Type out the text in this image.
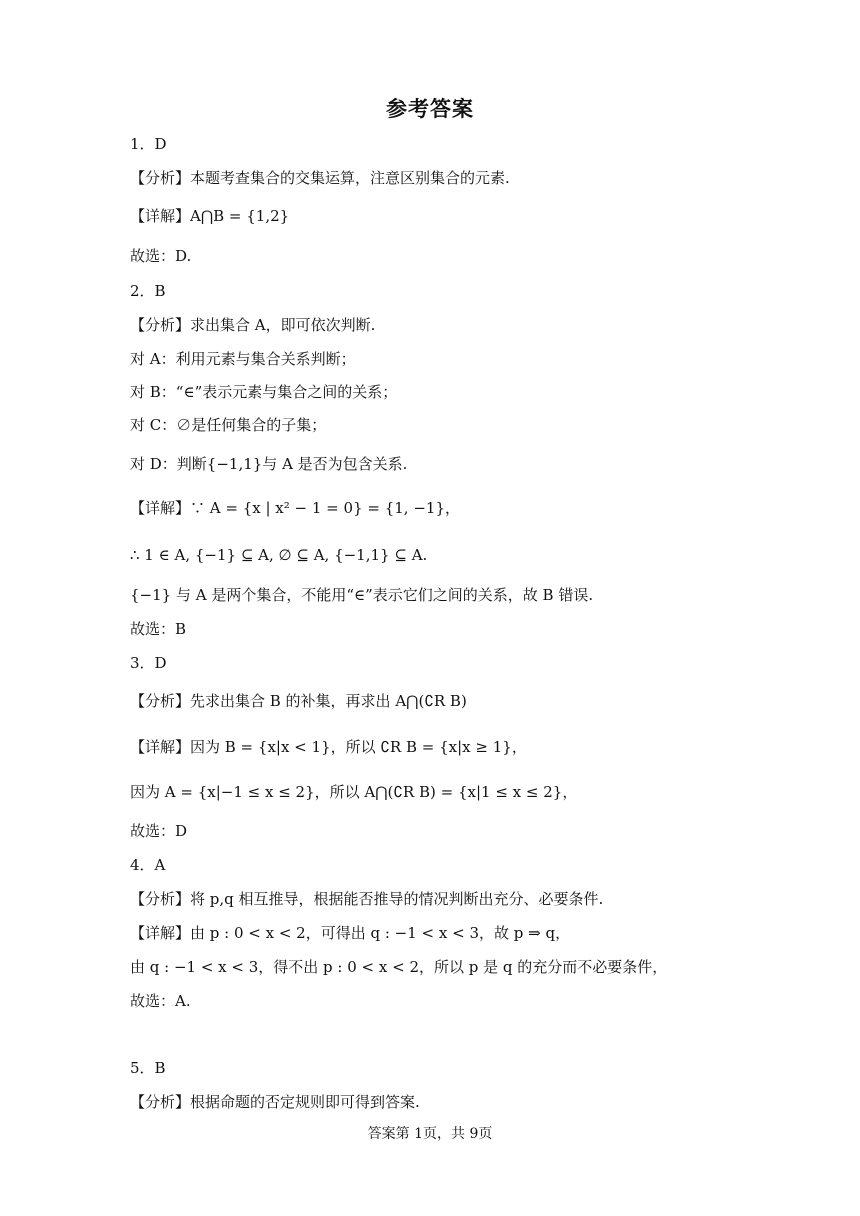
参考答案
1．D
【分析】本题考查集合的交集运算，注意区别集合的元素.
【详解】A⋂B = {1,2}
故选：D.
2．B
【分析】求出集合 A，即可依次判断.
对 A：利用元素与集合关系判断；
对 B：“∈”表示元素与集合之间的关系；
对 C：∅是任何集合的子集；
对 D：判断{−1,1}与 A 是否为包含关系.
【详解】∵ A = {x | x² − 1 = 0} = {1, −1}，
∴ 1 ∈ A, {−1} ⊆ A, ∅ ⊆ A, {−1,1} ⊆ A.
{−1} 与 A 是两个集合，不能用“∈”表示它们之间的关系，故 B 错误.
故选：B
3．D
【分析】先求出集合 B 的补集，再求出 A⋂(∁R B)
【详解】因为 B = {x|x < 1}，所以 ∁R B = {x|x ≥ 1}，
因为 A = {x|−1 ≤ x ≤ 2}，所以 A⋂(∁R B) = {x|1 ≤ x ≤ 2}，
故选：D
4．A
【分析】将 p,q 相互推导，根据能否推导的情况判断出充分、必要条件.
【详解】由 p : 0 < x < 2，可得出 q : −1 < x < 3，故 p ⇒ q，
由 q : −1 < x < 3，得不出 p : 0 < x < 2，所以 p 是 q 的充分而不必要条件，
故选：A.
5．B
【分析】根据命题的否定规则即可得到答案.
答案第 1页，共 9页
